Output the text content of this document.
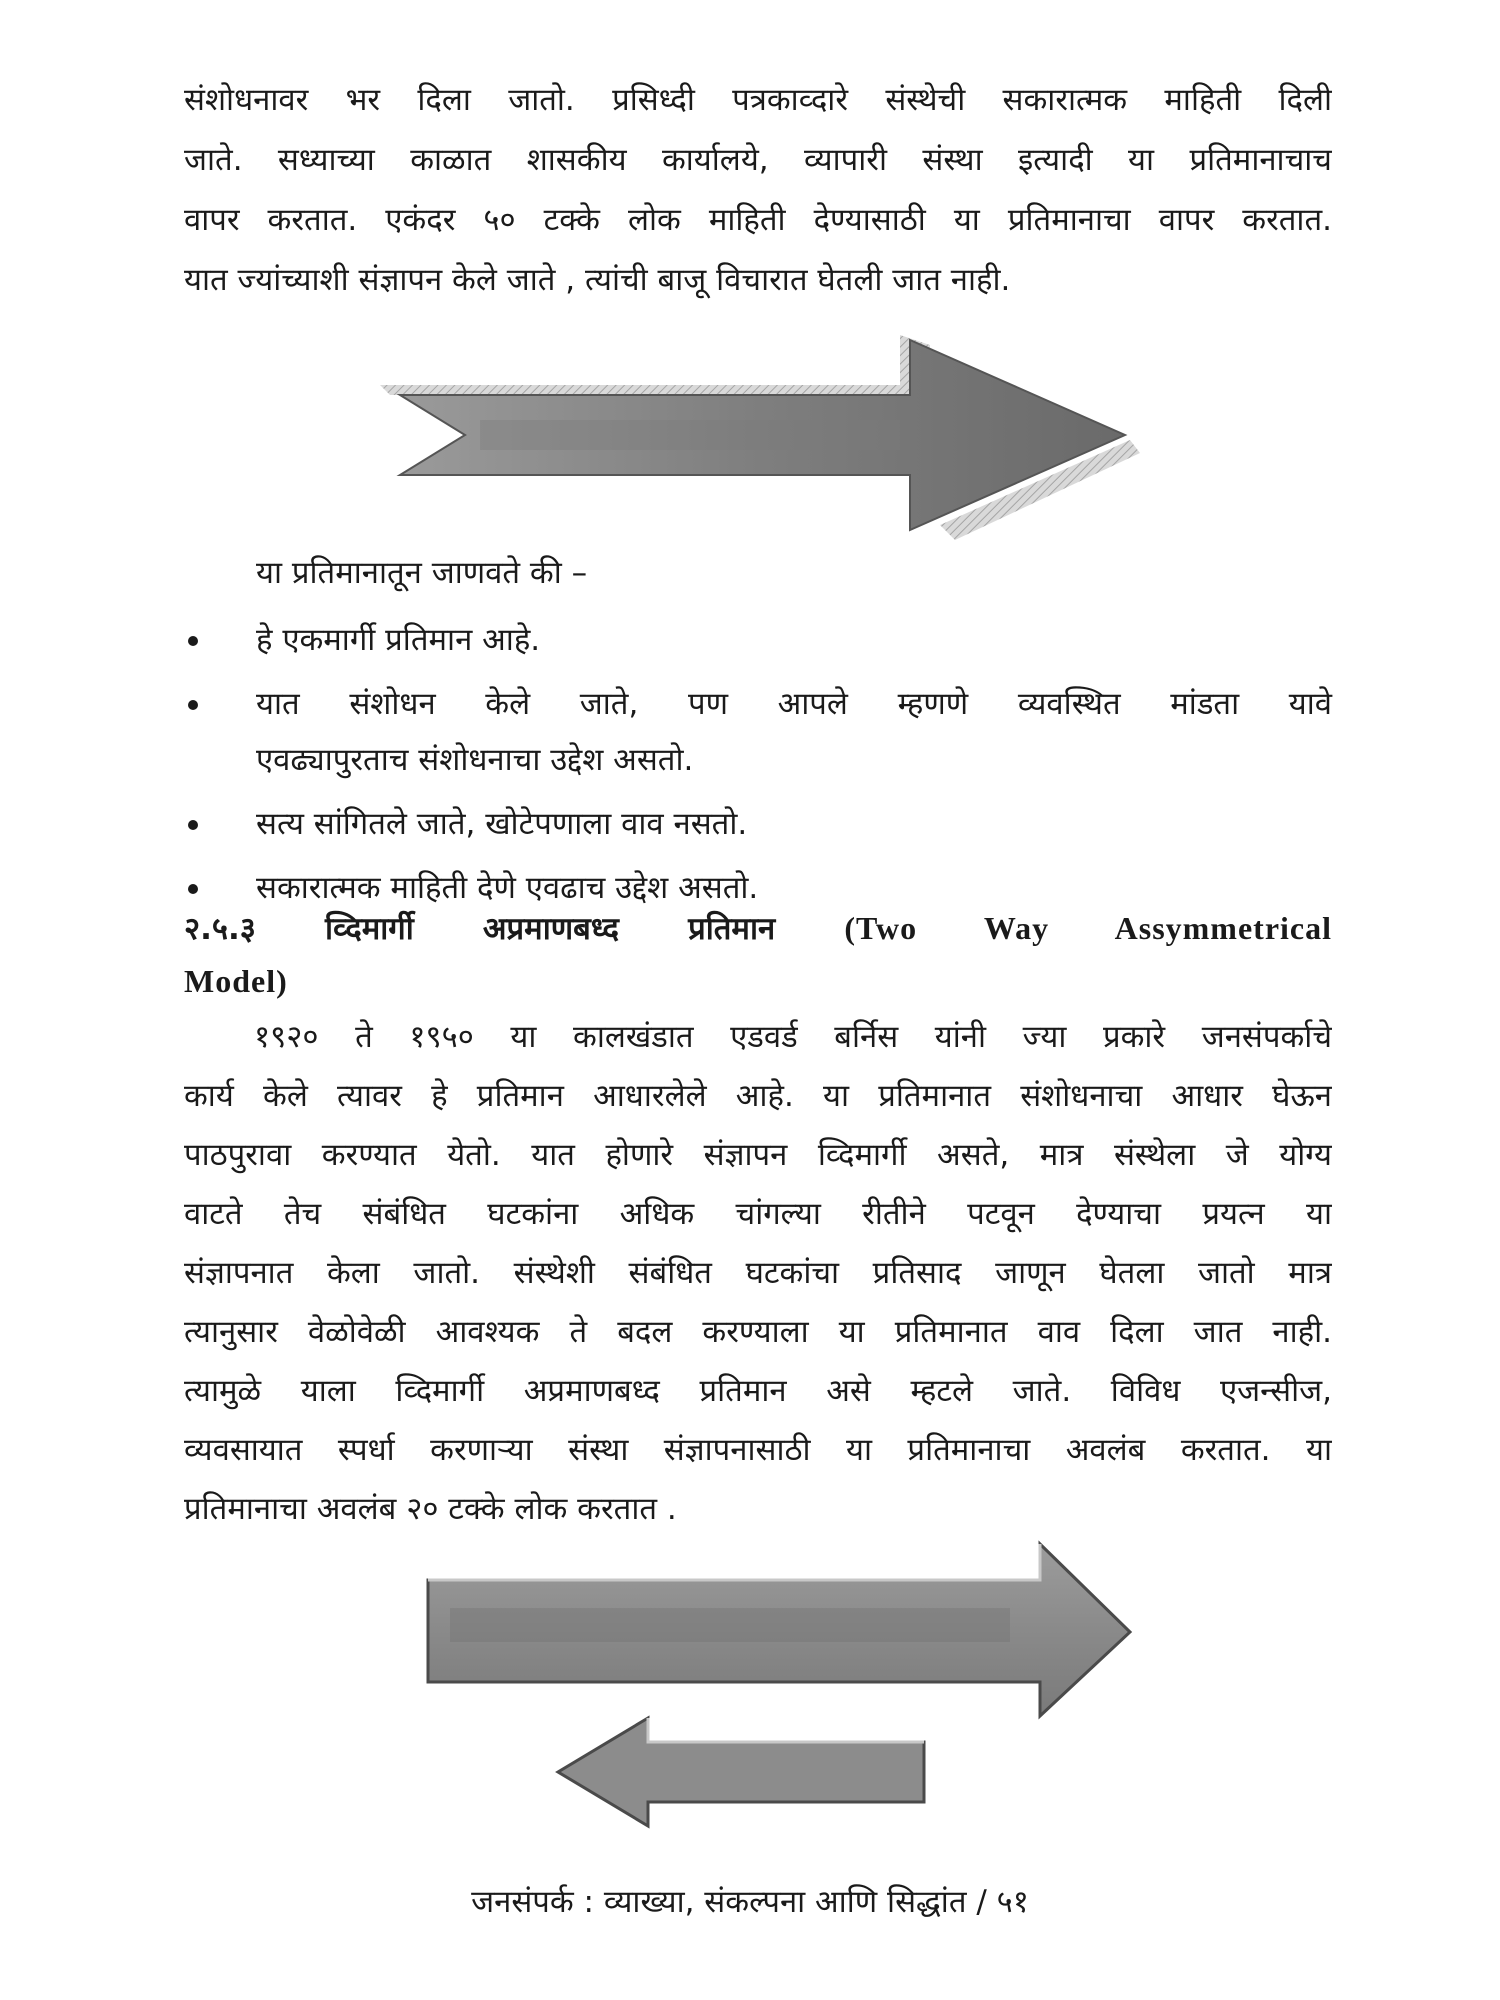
संशोधनावर भर दिला जातो. प्रसिध्दी पत्रकाव्दारे संस्थेची सकारात्मक माहिती दिली
जाते. सध्याच्या काळात शासकीय कार्यालये, व्यापारी संस्था इत्यादी या प्रतिमानाचाच
वापर करतात. एकंदर ५० टक्के लोक माहिती देण्यासाठी या प्रतिमानाचा वापर करतात.
यात ज्यांच्याशी संज्ञापन केले जाते , त्यांची बाजू विचारात घेतली जात नाही.

या प्रतिमानातून जाणवते की –

हे एकमार्गी प्रतिमान आहे.
यात संशोधन केले जाते, पण आपले म्हणणे व्यवस्थित मांडता यावे
एवढ्यापुरताच संशोधनाचा उद्देश असतो.
सत्य सांगितले जाते, खोटेपणाला वाव नसतो.
सकारात्मक माहिती देणे एवढाच उद्देश असतो.
२.५.३ व्दिमार्गी अप्रमाणबध्द प्रतिमान (Two Way Assymmetrical
Model)
१९२० ते १९५० या कालखंडात एडवर्ड बर्निस यांनी ज्या प्रकारे जनसंपर्काचे
कार्य केले त्यावर हे प्रतिमान आधारलेले आहे. या प्रतिमानात संशोधनाचा आधार घेऊन
पाठपुरावा करण्यात येतो. यात होणारे संज्ञापन व्दिमार्गी असते, मात्र संस्थेला जे योग्य
वाटते तेच संबंधित घटकांना अधिक चांगल्या रीतीने पटवून देण्याचा प्रयत्न या
संज्ञापनात केला जातो. संस्थेशी संबंधित घटकांचा प्रतिसाद जाणून घेतला जातो मात्र
त्यानुसार वेळोवेळी आवश्यक ते बदल करण्याला या प्रतिमानात वाव दिला जात नाही.
त्यामुळे याला व्दिमार्गी अप्रमाणबध्द प्रतिमान असे म्हटले जाते. विविध एजन्सीज,
व्यवसायात स्पर्धा करणाऱ्या संस्था संज्ञापनासाठी या प्रतिमानाचा अवलंब करतात. या
प्रतिमानाचा अवलंब २० टक्के लोक करतात .
जनसंपर्क : व्याख्या, संकल्पना आणि सिद्धांत / ५१
